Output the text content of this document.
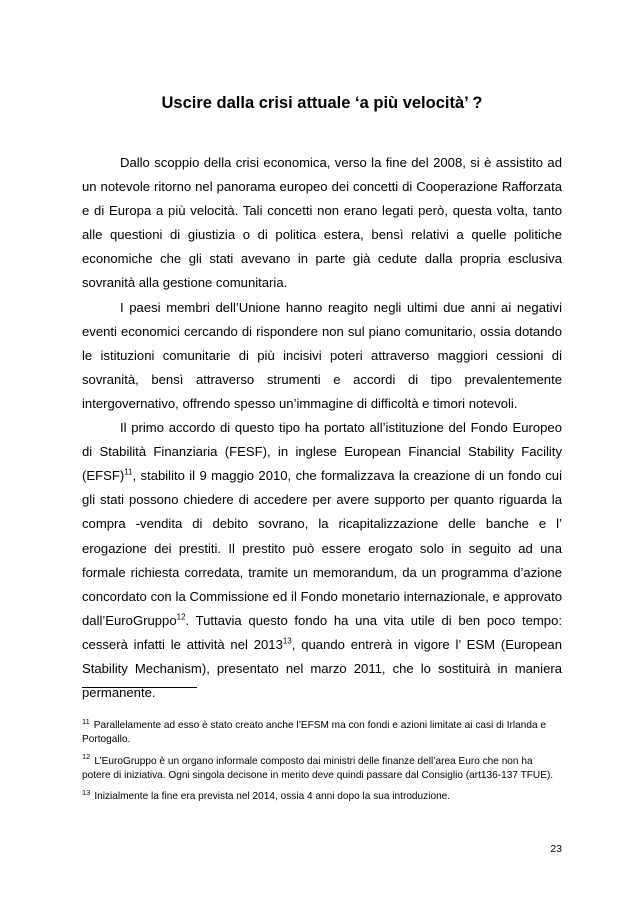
Uscire dalla crisi attuale ‘a più velocità’ ?

Dallo scoppio della crisi economica, verso la fine del 2008, si è assistito ad un notevole ritorno nel panorama europeo dei concetti di Cooperazione Rafforzata e di Europa a più velocità. Tali concetti non erano legati però, questa volta, tanto alle questioni di giustizia o di politica estera, bensì relativi a quelle politiche economiche che gli stati avevano in parte già cedute dalla propria esclusiva sovranità alla gestione comunitaria.

I paesi membri dell’Unione hanno reagito negli ultimi due anni ai negativi eventi economici cercando di rispondere non sul piano comunitario, ossia dotando le istituzioni comunitarie di più incisivi poteri attraverso maggiori cessioni di sovranità, bensì attraverso strumenti e accordi di tipo prevalentemente intergovernativo, offrendo spesso un’immagine di difficoltà e timori notevoli.

Il primo accordo di questo tipo ha portato all’istituzione del Fondo Europeo di Stabilità Finanziaria (FESF), in inglese European Financial Stability Facility (EFSF)$^{11}$, stabilito il 9 maggio 2010, che formalizzava la creazione di un fondo cui gli stati possono chiedere di accedere per avere supporto per quanto riguarda la compra -vendita di debito sovrano, la ricapitalizzazione delle banche e l’ erogazione dei prestiti. Il prestito può essere erogato solo in seguito ad una formale richiesta corredata, tramite un memorandum, da un programma d’azione concordato con la Commissione ed il Fondo monetario internazionale, e approvato dall’EuroGruppo$^{12}$. Tuttavia questo fondo ha una vita utile di ben poco tempo: cesserà infatti le attività nel 2013$^{13}$, quando entrerà in vigore l’ ESM (European Stability Mechanism), presentato nel marzo 2011, che lo sostituirà in maniera permanente.

$^{11}$ Parallelamente ad esso è stato creato anche l’EFSM ma con fondi e azioni limitate ai casi di Irlanda e Portogallo.

$^{12}$ L’EuroGruppo è un organo informale composto dai ministri delle finanze dell’area Euro che non ha potere di iniziativa. Ogni singola decisone in merito deve quindi passare dal Consiglio (art136-137 TFUE).

$^{13}$ Inizialmente la fine era prevista nel 2014, ossia 4 anni dopo la sua introduzione.

23
